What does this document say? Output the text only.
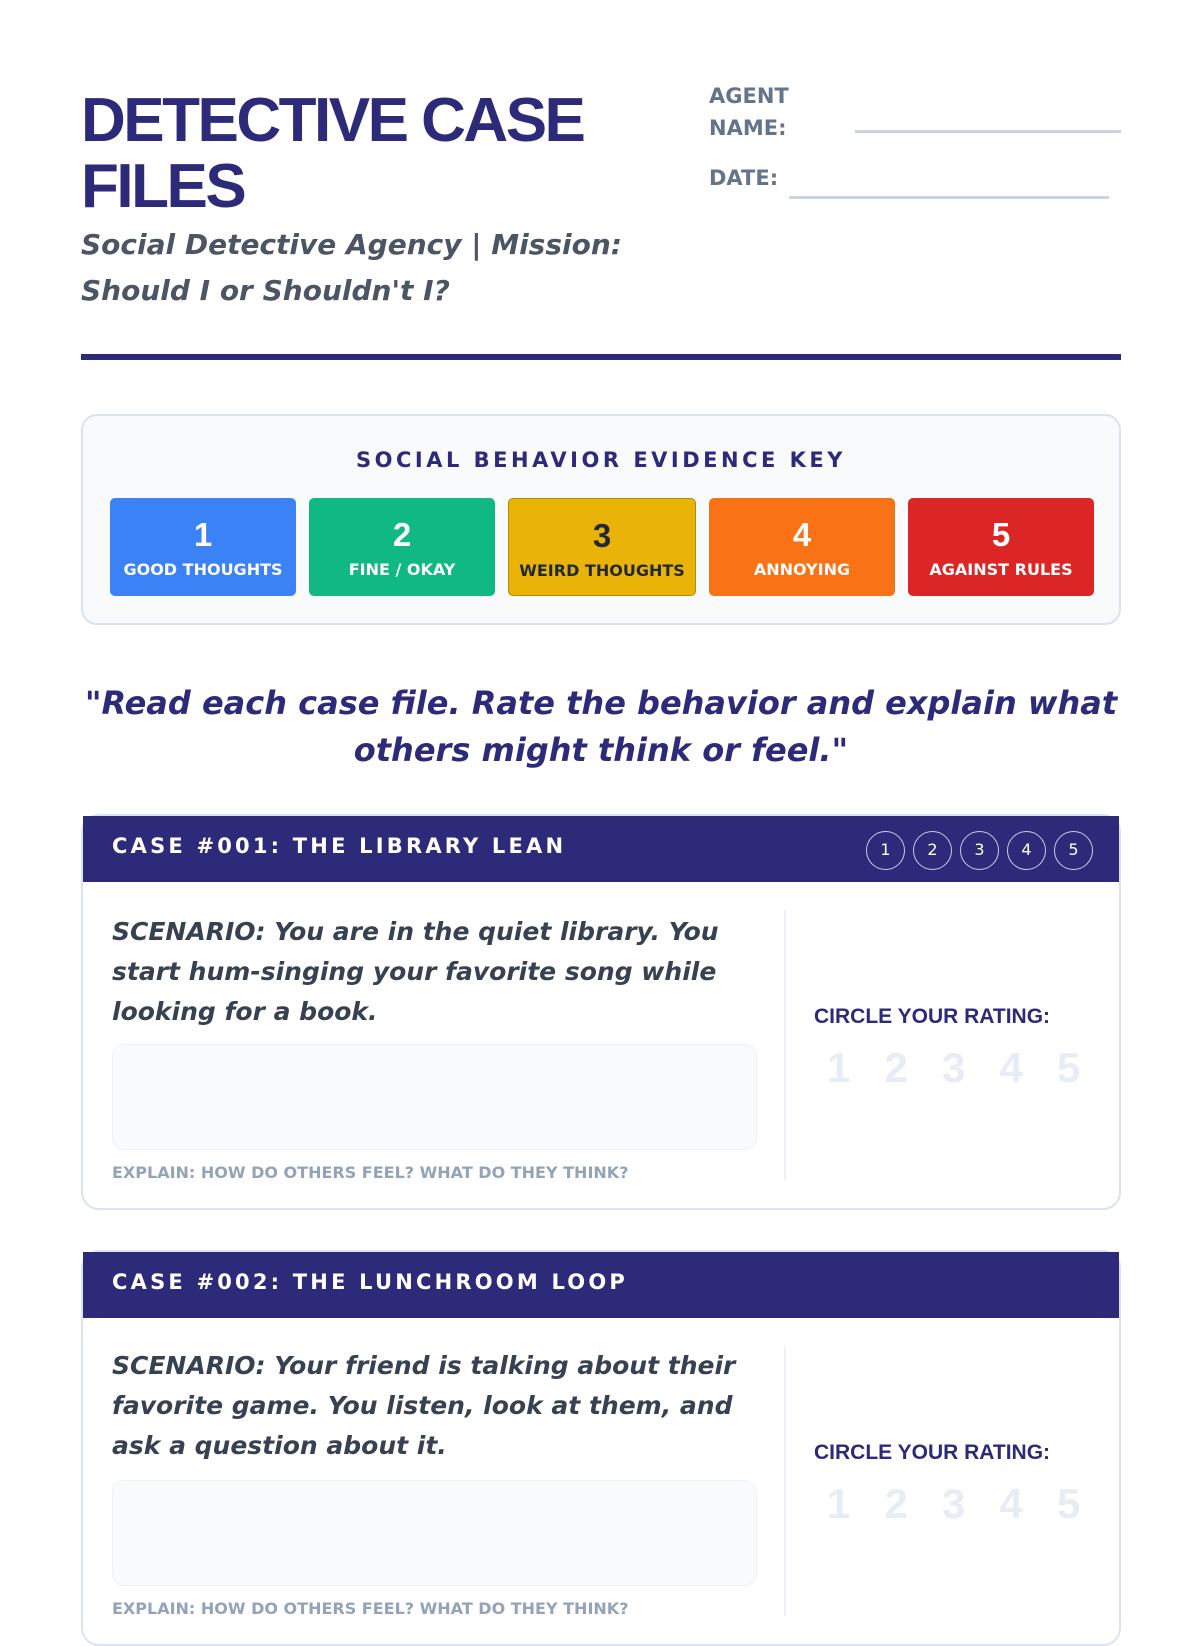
DETECTIVE CASE FILES
Social Detective Agency | Mission: Should I or Shouldn't I?
AGENT NAME:
DATE:
SOCIAL BEHAVIOR EVIDENCE KEY
1
GOOD THOUGHTS
2
FINE / OKAY
3
WEIRD THOUGHTS
4
ANNOYING
5
AGAINST RULES
"Read each case file. Rate the behavior and explain what others might think or feel."
CASE #001: THE LIBRARY LEAN	1	2	3	4	5
SCENARIO: You are in the quiet library. You start hum-singing your favorite song while looking for a book.
EXPLAIN: HOW DO OTHERS FEEL? WHAT DO THEY THINK?
CIRCLE YOUR RATING:
1 2 3 4 5
CASE #002: THE LUNCHROOM LOOP
SCENARIO: Your friend is talking about their favorite game. You listen, look at them, and ask a question about it.
EXPLAIN: HOW DO OTHERS FEEL? WHAT DO THEY THINK?
CIRCLE YOUR RATING:
1 2 3 4 5
